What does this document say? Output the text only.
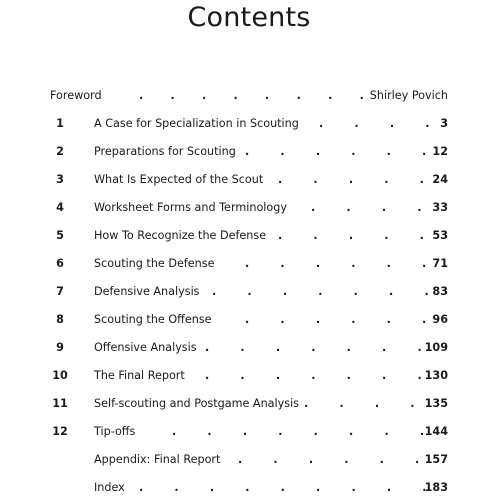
Contents
Foreword	.       .       .       .       .       .       .       . Shirley Povich
1	A Case for Specialization in Scouting	3
.        .        .        .
2	Preparations for Scouting	12
.        .        .        .        .        .
3	What Is Expected of the Scout	24
.        .        .        .        .
4	Worksheet Forms and Terminology	33
.        .        .        .
5	How To Recognize the Defense	53
.        .        .        .        .
6	Scouting the Defense	71
.        .        .        .        .        .
7	Defensive Analysis	83
.        .        .        .        .        .        .
8	Scouting the Offense	96
.        .        .        .        .        .
9	Offensive Analysis	109
.        .        .        .        .        .        .
10 The Final Report	130
.        .        .        .        .        .        .
11 Self-scouting and Postgame Analysis	135
.        .        .        .
12 Tip-offs	144
.        .        .        .        .        .        .        .
Appendix: Final Report	157
.        .        .        .        .        .
Index	183
.        .        .        .        .        .        .        .        .
